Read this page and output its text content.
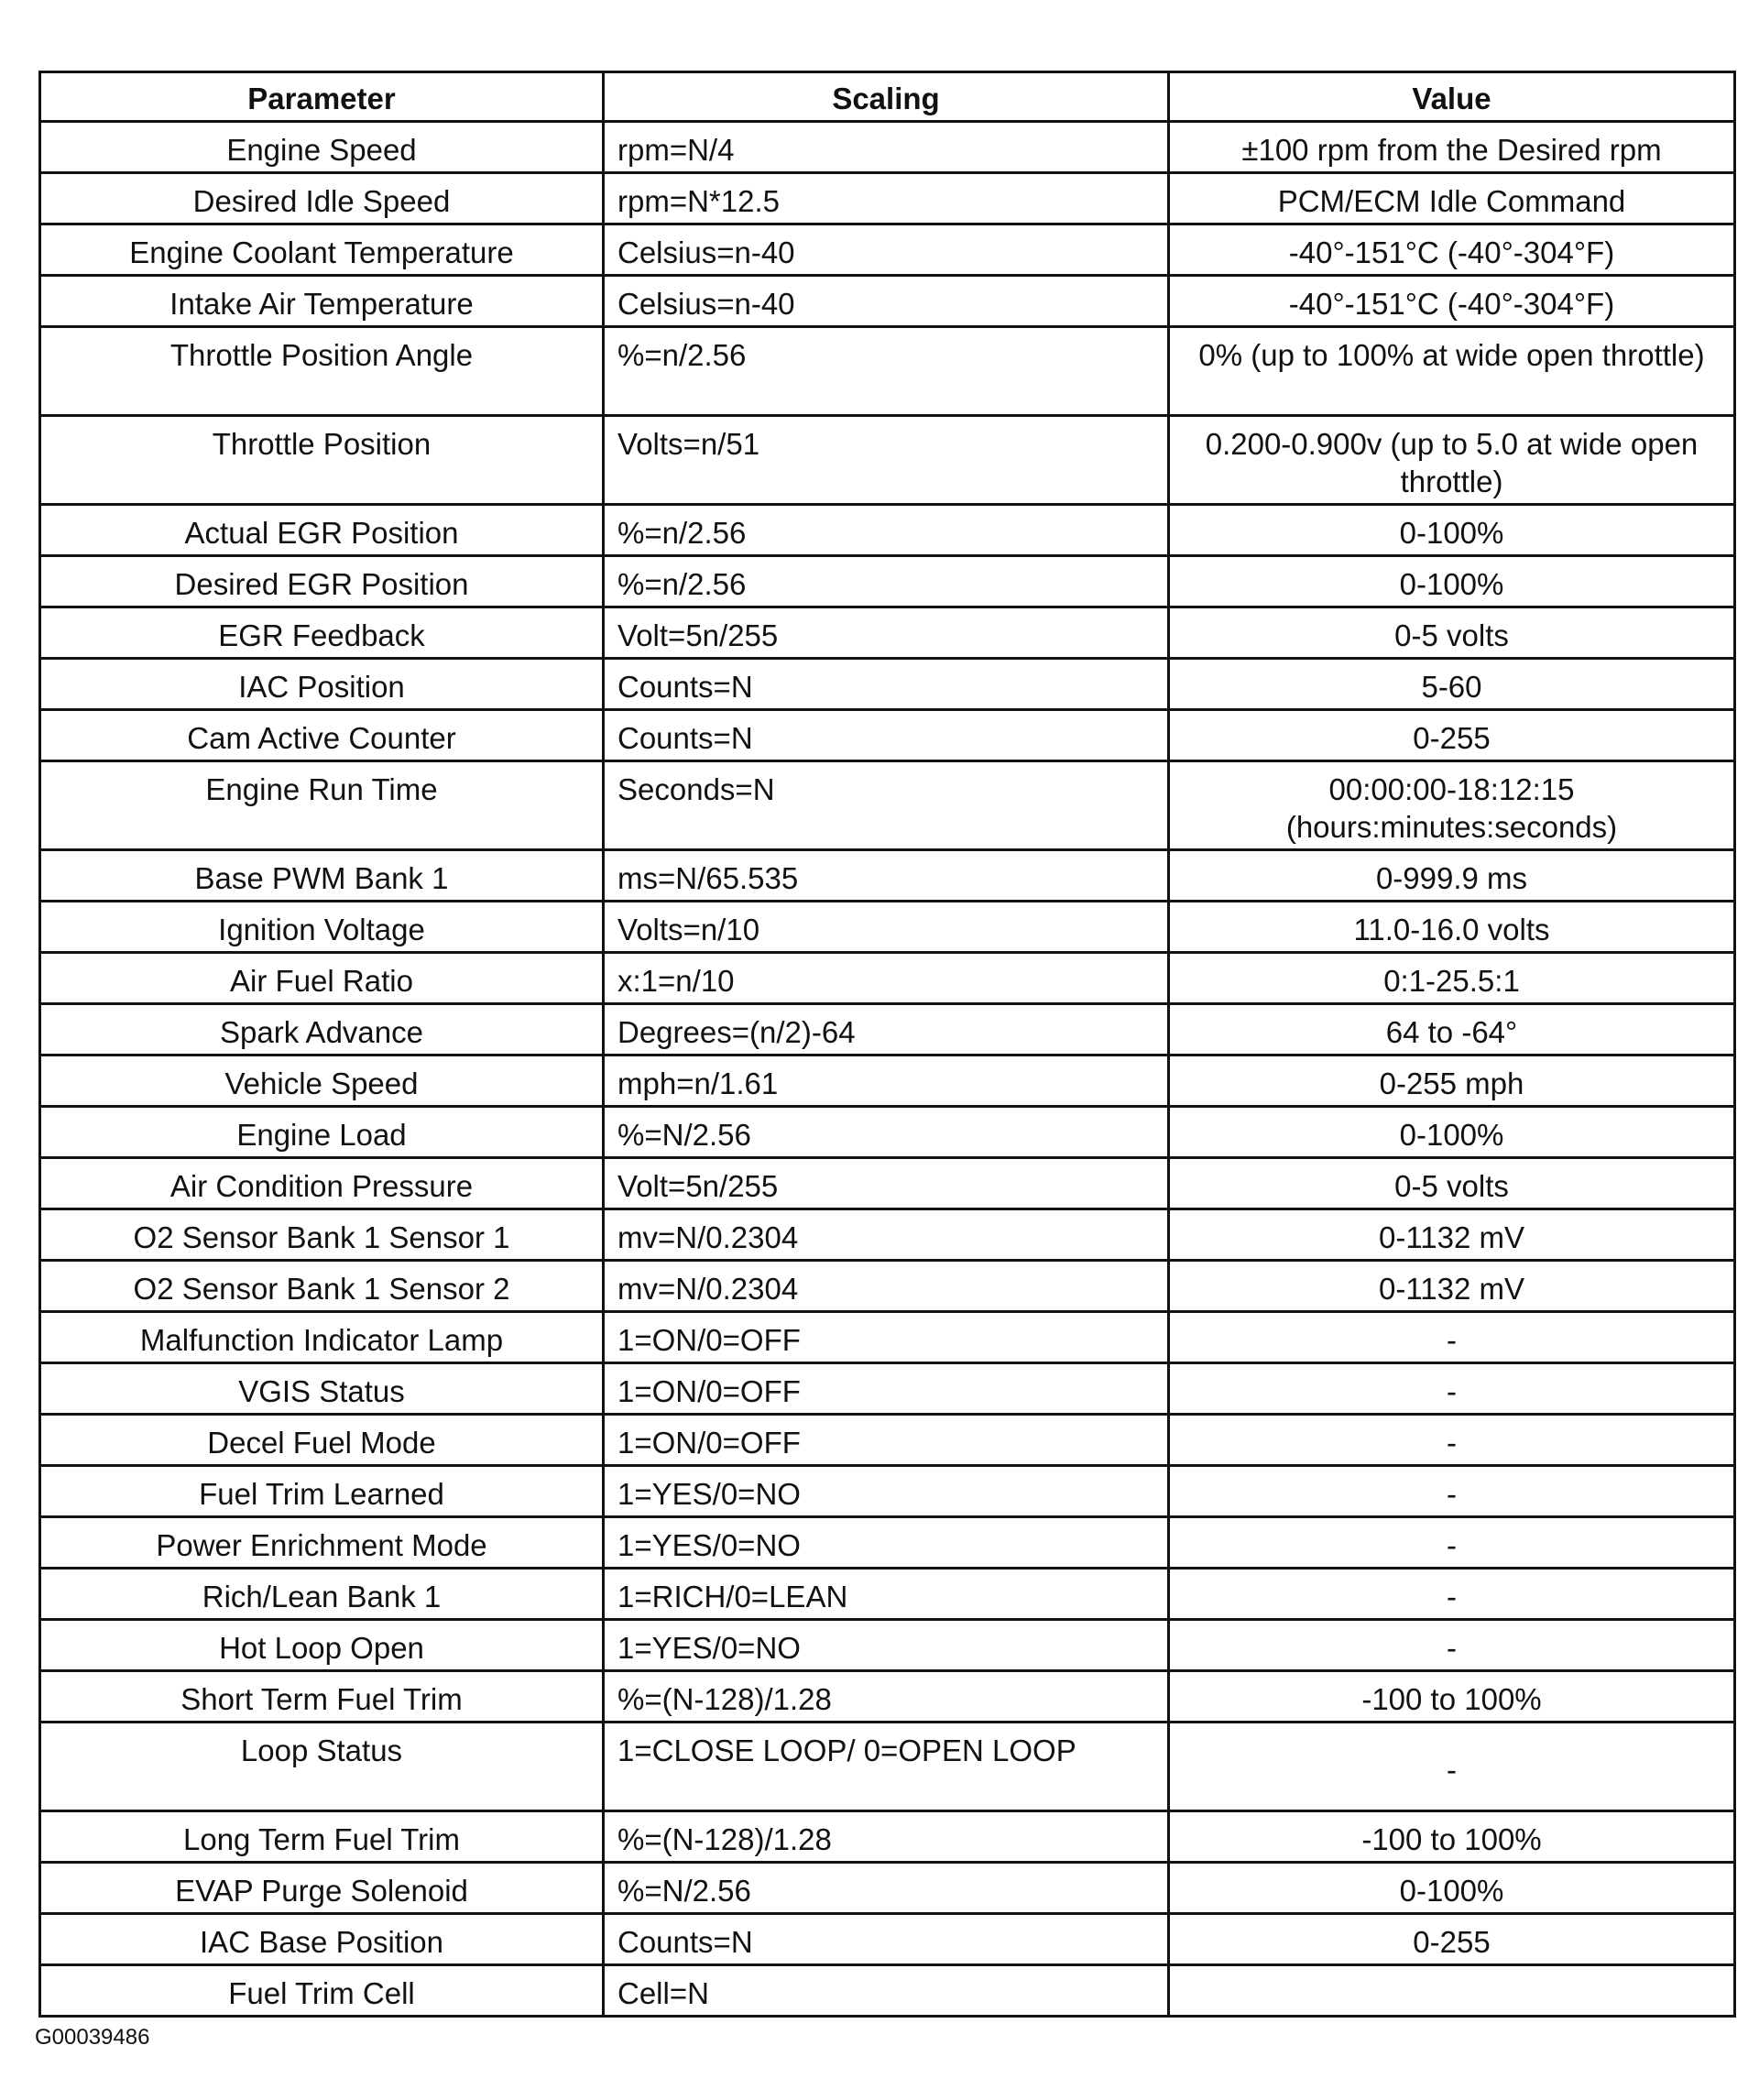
Parameter	Scaling	Value
Engine Speed	rpm=N/4	±100 rpm from the Desired rpm
Desired Idle Speed	rpm=N*12.5	PCM/ECM Idle Command
Engine Coolant Temperature	Celsius=n-40	-40°-151°C (-40°-304°F)
Intake Air Temperature	Celsius=n-40	-40°-151°C (-40°-304°F)
Throttle Position Angle	%=n/2.56	0% (up to 100% at wide open throttle)
Throttle Position	Volts=n/51	0.200-0.900v (up to 5.0 at wide open throttle)
Actual EGR Position	%=n/2.56	0-100%
Desired EGR Position	%=n/2.56	0-100%
EGR Feedback	Volt=5n/255	0-5 volts
IAC Position	Counts=N	5-60
Cam Active Counter	Counts=N	0-255
Engine Run Time	Seconds=N	00:00:00-18:12:15 (hours:minutes:seconds)
Base PWM Bank 1	ms=N/65.535	0-999.9 ms
Ignition Voltage	Volts=n/10	11.0-16.0 volts
Air Fuel Ratio	x:1=n/10	0:1-25.5:1
Spark Advance	Degrees=(n/2)-64	64 to -64°
Vehicle Speed	mph=n/1.61	0-255 mph
Engine Load	%=N/2.56	0-100%
Air Condition Pressure	Volt=5n/255	0-5 volts
O2 Sensor Bank 1 Sensor 1	mv=N/0.2304	0-1132 mV
O2 Sensor Bank 1 Sensor 2	mv=N/0.2304	0-1132 mV
Malfunction Indicator Lamp	1=ON/0=OFF	-
VGIS Status	1=ON/0=OFF	-
Decel Fuel Mode	1=ON/0=OFF	-
Fuel Trim Learned	1=YES/0=NO	-
Power Enrichment Mode	1=YES/0=NO	-
Rich/Lean Bank 1	1=RICH/0=LEAN	-
Hot Loop Open	1=YES/0=NO	-
Short Term Fuel Trim	%=(N-128)/1.28	-100 to 100%
Loop Status	1=CLOSE LOOP/ 0=OPEN LOOP	-
Long Term Fuel Trim	%=(N-128)/1.28	-100 to 100%
EVAP Purge Solenoid	%=N/2.56	0-100%
IAC Base Position	Counts=N	0-255
Fuel Trim Cell	Cell=N	
G00039486
